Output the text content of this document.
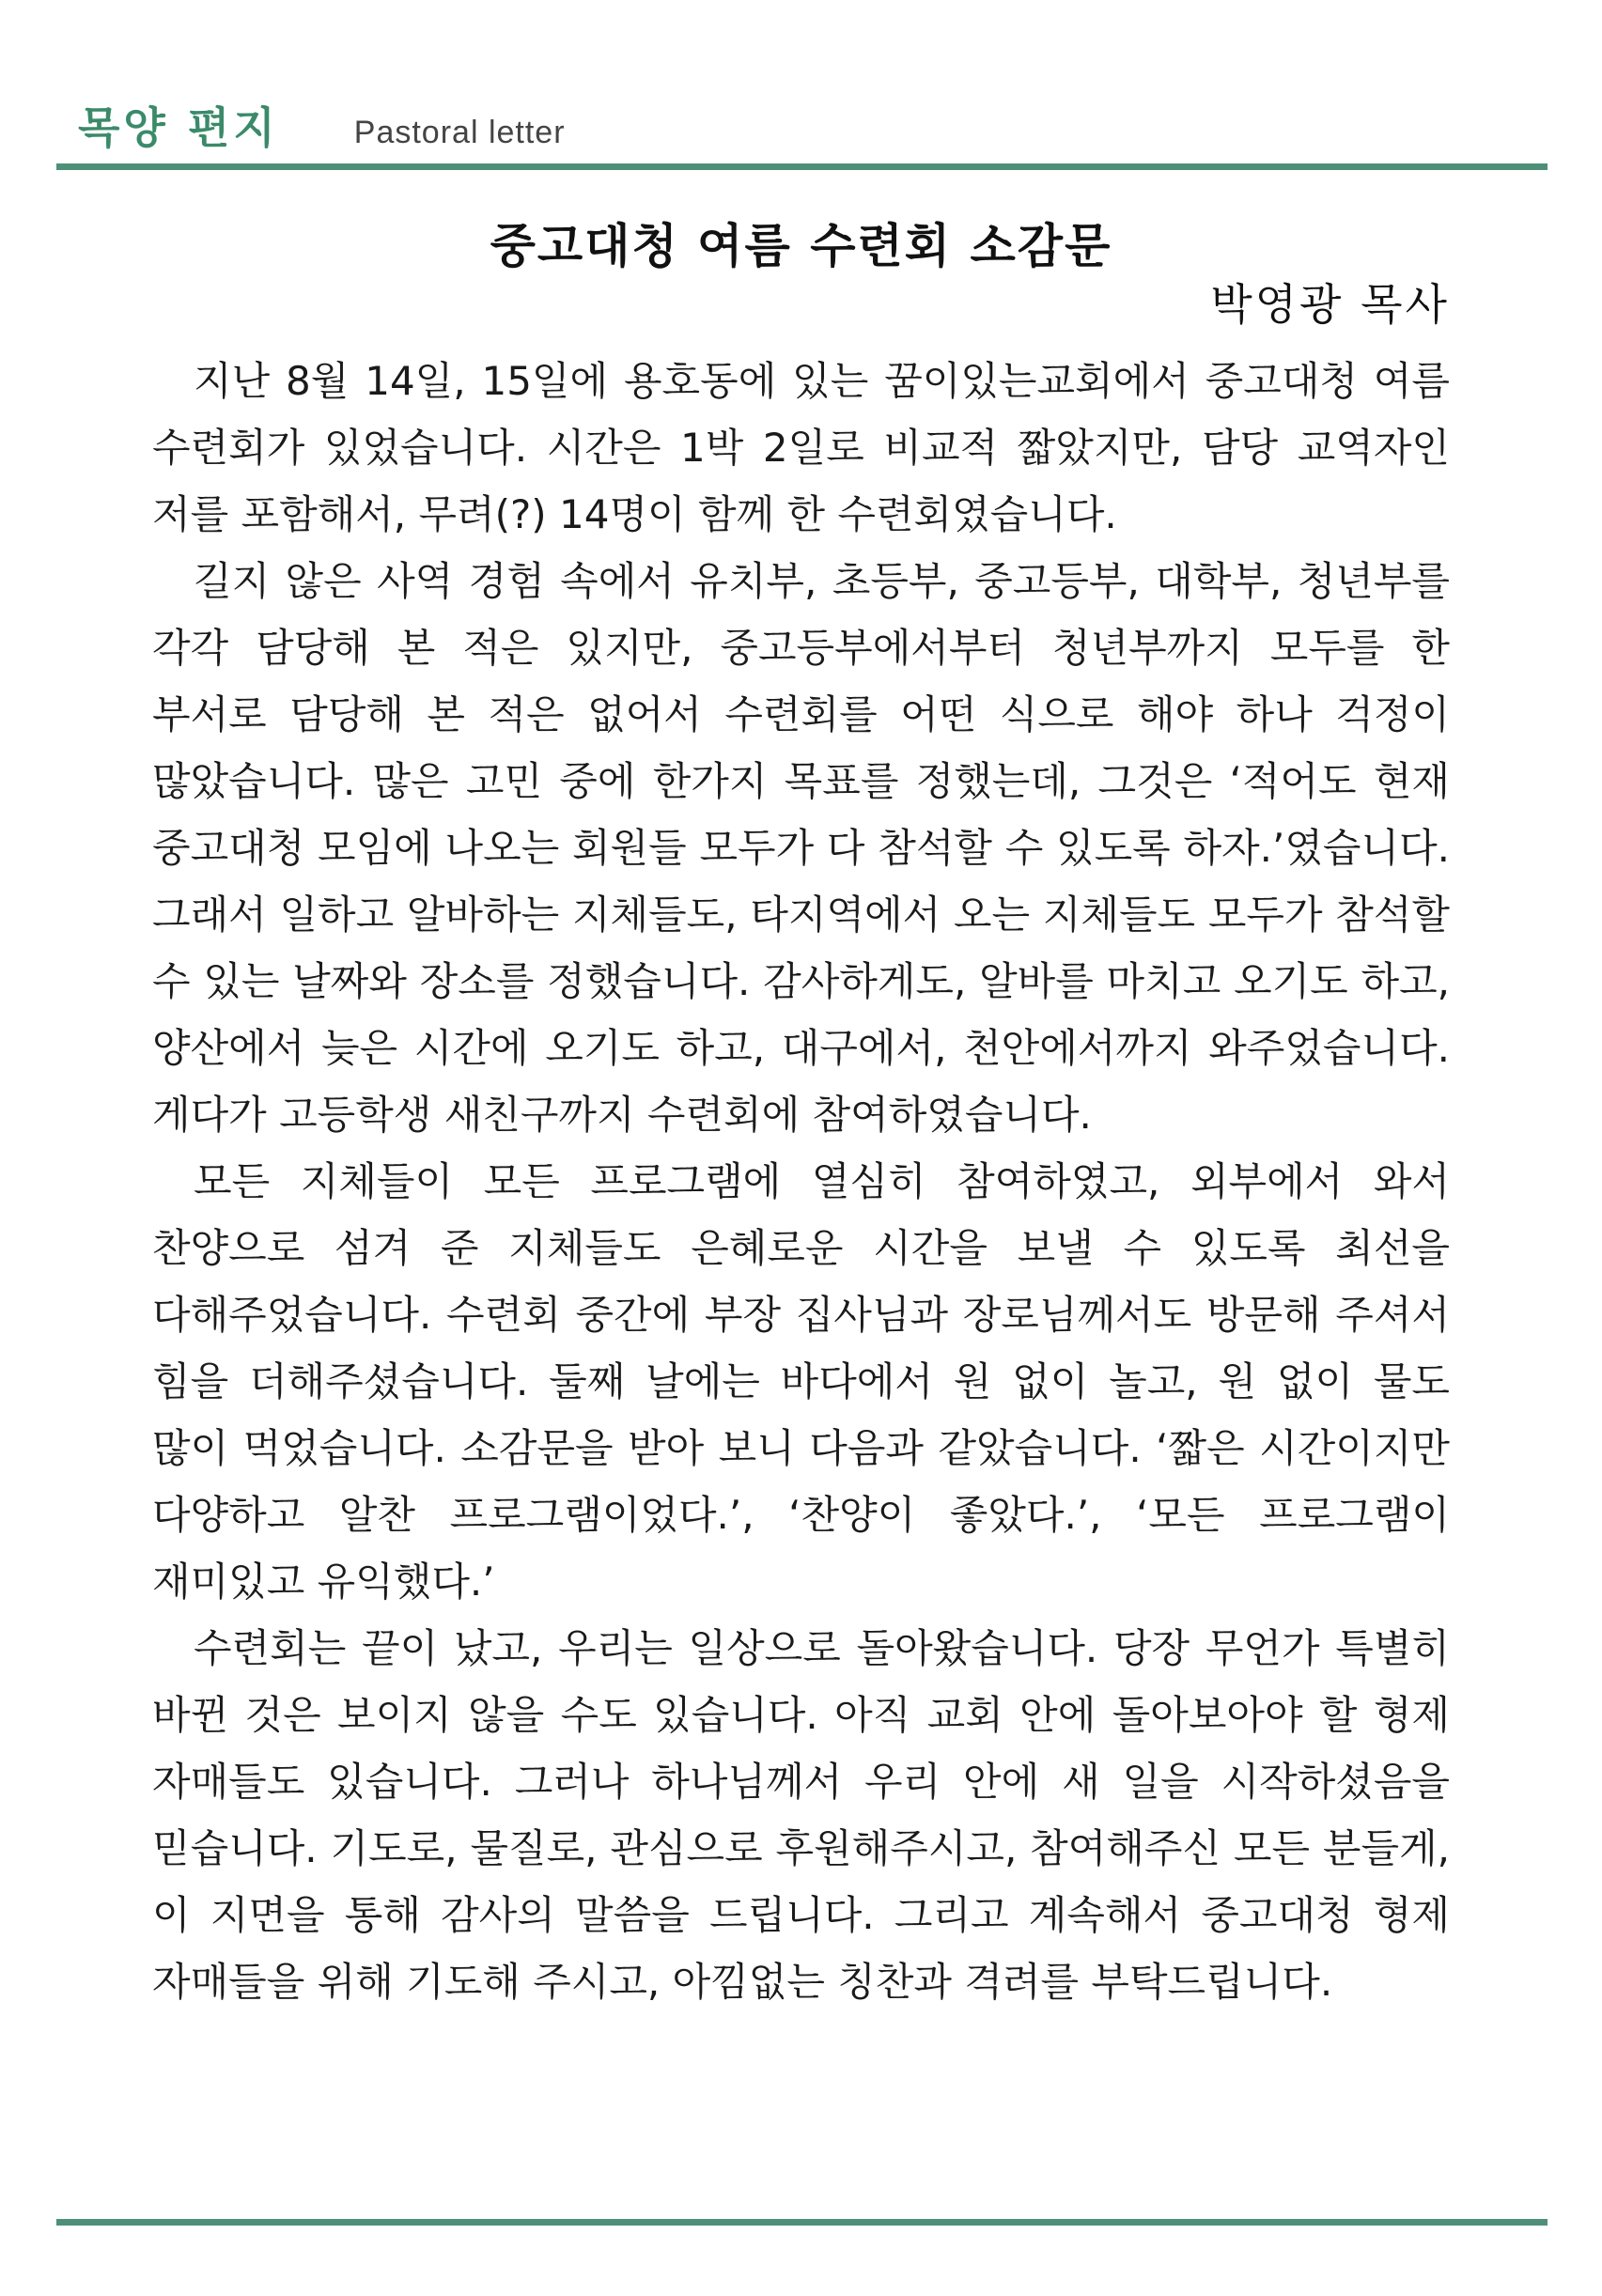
목양 편지 Pastoral letter
중고대청 여름 수련회 소감문
박영광 목사

지난 8월 14일, 15일에 용호동에 있는 꿈이있는교회에서 중고대청 여름 수련회가 있었습니다. 시간은 1박 2일로 비교적 짧았지만, 담당 교역자인 저를 포함해서, 무려(?) 14명이 함께 한 수련회였습니다.

길지 않은 사역 경험 속에서 유치부, 초등부, 중고등부, 대학부, 청년부를 각각 담당해 본 적은 있지만, 중고등부에서부터 청년부까지 모두를 한 부서로 담당해 본 적은 없어서 수련회를 어떤 식으로 해야 하나 걱정이 많았습니다. 많은 고민 중에 한가지 목표를 정했는데, 그것은 ‘적어도 현재 중고대청 모임에 나오는 회원들 모두가 다 참석할 수 있도록 하자.’였습니다. 그래서 일하고 알바하는 지체들도, 타지역에서 오는 지체들도 모두가 참석할 수 있는 날짜와 장소를 정했습니다. 감사하게도, 알바를 마치고 오기도 하고, 양산에서 늦은 시간에 오기도 하고, 대구에서, 천안에서까지 와주었습니다. 게다가 고등학생 새친구까지 수련회에 참여하였습니다.

모든 지체들이 모든 프로그램에 열심히 참여하였고, 외부에서 와서 찬양으로 섬겨 준 지체들도 은혜로운 시간을 보낼 수 있도록 최선을 다해주었습니다. 수련회 중간에 부장 집사님과 장로님께서도 방문해 주셔서 힘을 더해주셨습니다. 둘째 날에는 바다에서 원 없이 놀고, 원 없이 물도 많이 먹었습니다. 소감문을 받아 보니 다음과 같았습니다. ‘짧은 시간이지만 다양하고 알찬 프로그램이었다.’, ‘찬양이 좋았다.’, ‘모든 프로그램이 재미있고 유익했다.’

수련회는 끝이 났고, 우리는 일상으로 돌아왔습니다. 당장 무언가 특별히 바뀐 것은 보이지 않을 수도 있습니다. 아직 교회 안에 돌아보아야 할 형제 자매들도 있습니다. 그러나 하나님께서 우리 안에 새 일을 시작하셨음을 믿습니다. 기도로, 물질로, 관심으로 후원해주시고, 참여해주신 모든 분들게, 이 지면을 통해 감사의 말씀을 드립니다. 그리고 계속해서 중고대청 형제 자매들을 위해 기도해 주시고, 아낌없는 칭찬과 격려를 부탁드립니다.
